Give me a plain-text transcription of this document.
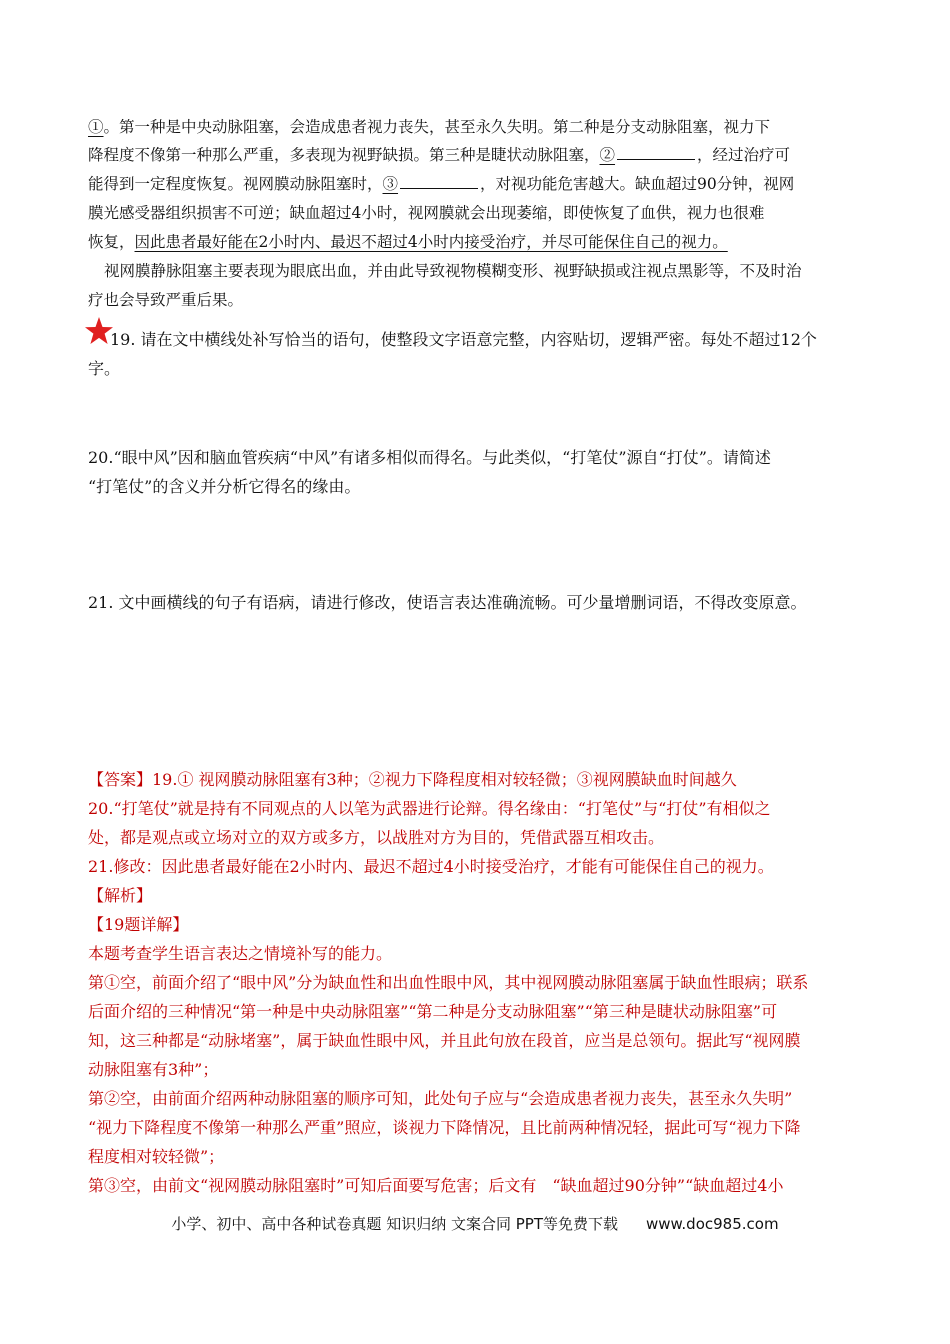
①。第一种是中央动脉阻塞，会造成患者视力丧失，甚至永久失明。第二种是分支动脉阻塞，视力下
降程度不像第一种那么严重，多表现为视野缺损。第三种是睫状动脉阻塞，②	，经过治疗可
能得到一定程度恢复。视网膜动脉阻塞时，③	，对视功能危害越大。缺血超过90分钟，视网
膜光感受器组织损害不可逆；缺血超过4小时，视网膜就会出现萎缩，即使恢复了血供，视力也很难
恢复，因此患者最好能在2小时内、最迟不超过4小时内接受治疗，并尽可能保住自己的视力。
视网膜静脉阻塞主要表现为眼底出血，并由此导致视物模糊变形、视野缺损或注视点黑影等，不及时治
疗也会导致严重后果。
19. 请在文中横线处补写恰当的语句，使整段文字语意完整，内容贴切，逻辑严密。每处不超过12个
字。
20.“眼中风”因和脑血管疾病“中风”有诸多相似而得名。与此类似，“打笔仗”源自“打仗”。请简述
“打笔仗”的含义并分析它得名的缘由。
21. 文中画横线的句子有语病，请进行修改，使语言表达准确流畅。可少量增删词语，不得改变原意。
【答案】19.① 视网膜动脉阻塞有3种；②视力下降程度相对较轻微；③视网膜缺血时间越久
20.“打笔仗”就是持有不同观点的人以笔为武器进行论辩。得名缘由：“打笔仗”与“打仗”有相似之
处，都是观点或立场对立的双方或多方，以战胜对方为目的，凭借武器互相攻击。
21.修改：因此患者最好能在2小时内、最迟不超过4小时接受治疗，才能有可能保住自己的视力。
【解析】
【19题详解】
本题考查学生语言表达之情境补写的能力。
第①空，前面介绍了“眼中风”分为缺血性和出血性眼中风，其中视网膜动脉阻塞属于缺血性眼病；联系
后面介绍的三种情况“第一种是中央动脉阻塞”“第二种是分支动脉阻塞”“第三种是睫状动脉阻塞”可
知，这三种都是“动脉堵塞”，属于缺血性眼中风，并且此句放在段首，应当是总领句。据此写“视网膜
动脉阻塞有3种”；
第②空，由前面介绍两种动脉阻塞的顺序可知，此处句子应与“会造成患者视力丧失，甚至永久失明”
“视力下降程度不像第一种那么严重”照应，谈视力下降情况，且比前两种情况轻，据此可写“视力下降
程度相对较轻微”；
第③空，由前文“视网膜动脉阻塞时”可知后面要写危害；后文有　“缺血超过90分钟”“缺血超过4小
小学、初中、高中各种试卷真题 知识归纳 文案合同 PPT等免费下载 www.doc985.com
